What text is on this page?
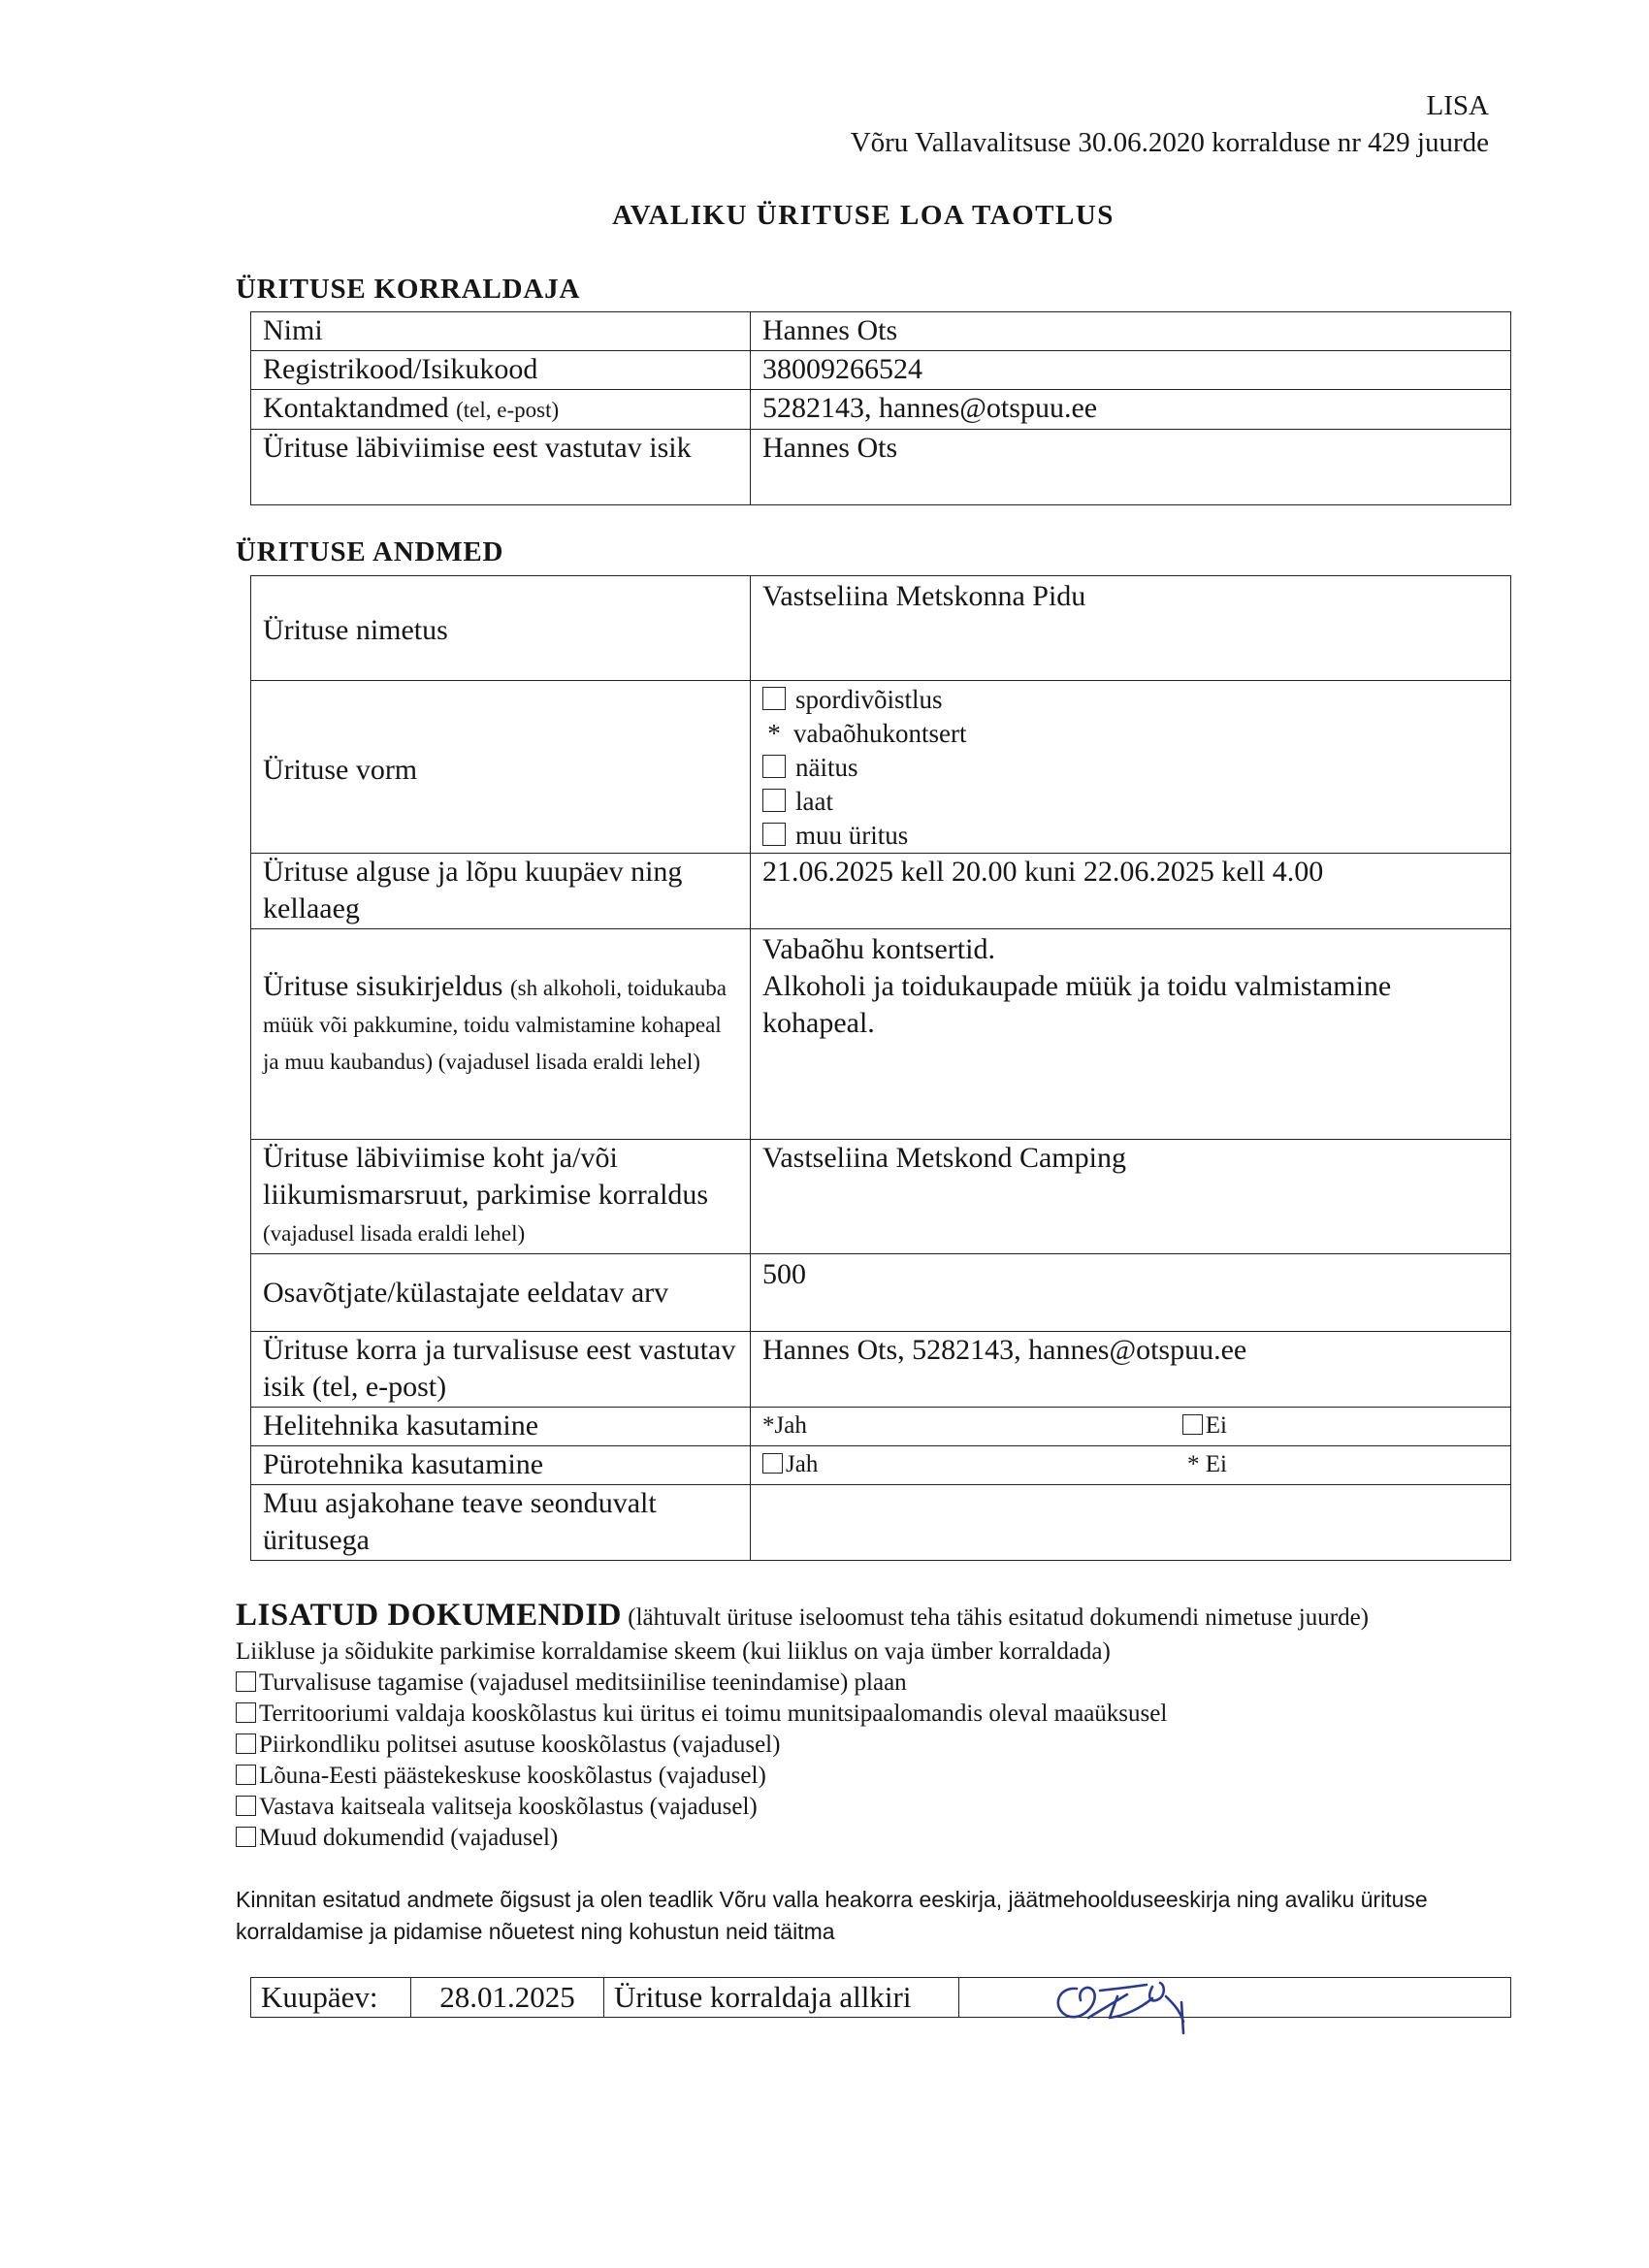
LISA
Võru Vallavalitsuse 30.06.2020 korralduse nr 429 juurde
AVALIKU ÜRITUSE LOA TAOTLUS
ÜRITUSE KORRALDAJA
Nimi	Hannes Ots
Registrikood/Isikukood	38009266524
Kontaktandmed (tel, e-post)	5282143, hannes@otspuu.ee
Ürituse läbiviimise eest vastutav isik	Hannes Ots
ÜRITUSE ANDMED
Ürituse nimetus	Vastseliina Metskonna Pidu
Ürituse vorm	spordivõistlus
* vabaõhukontsert
näitus
laat
muu üritus

Ürituse alguse ja lõpu kuupäev ning kellaaeg	21.06.2025 kell 20.00 kuni 22.06.2025 kell 4.00
Ürituse sisukirjeldus (sh alkoholi, toidukauba müük või pakkumine, toidu valmistamine kohapeal ja muu kaubandus) (vajadusel lisada eraldi lehel)	Vabaõhu kontsertid.
Alkoholi ja toidukaupade müük ja toidu valmistamine kohapeal.

Ürituse läbiviimise koht ja/või liikumismarsruut, parkimise korraldus (vajadusel lisada eraldi lehel)	Vastseliina Metskond Camping
Osavõtjate/külastajate eeldatav arv	500
Ürituse korra ja turvalisuse eest vastutav isik (tel, e-post)	Hannes Ots, 5282143, hannes@otspuu.ee
Helitehnika kasutamine	*Jah Ei

Pürotehnika kasutamine	Jah * Ei

Muu asjakohane teave seonduvalt üritusega	
LISATUD DOKUMENDID (lähtuvalt ürituse iseloomust teha tähis esitatud dokumendi nimetuse juurde)
Liikluse ja sõidukite parkimise korraldamise skeem (kui liiklus on vaja ümber korraldada)
Turvalisuse tagamise (vajadusel meditsiinilise teenindamise) plaan
Territooriumi valdaja kooskõlastus kui üritus ei toimu munitsipaalomandis oleval maaüksusel
Piirkondliku politsei asutuse kooskõlastus (vajadusel)
Lõuna-Eesti päästekeskuse kooskõlastus (vajadusel)
Vastava kaitseala valitseja kooskõlastus (vajadusel)
Muud dokumendid (vajadusel)
Kinnitan esitatud andmete õigsust ja olen teadlik Võru valla heakorra eeskirja, jäätmehoolduseeskirja ning avaliku ürituse korraldamise ja pidamise nõuetest ning kohustun neid täitma
Kuupäev:	28.01.2025	Ürituse korraldaja allkiri	
